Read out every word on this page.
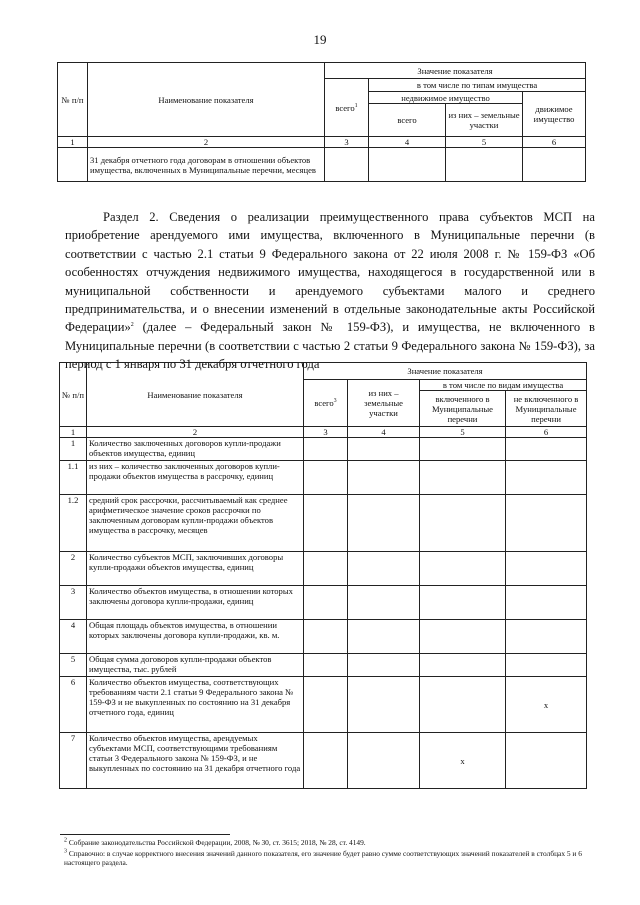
19
№ п/п	Наименование показателя	Значение показателя			
		всего$^1$	в том числе по типам имущества		
			недвижимое имущество		движимое имущество
			всего	из них – земельные участки	
1	2	3	4	5	6
	31 декабря отчетного года договорам в отношении объектов имущества, включенных в Муниципальные перечни, месяцев				

Раздел 2. Сведения о реализации преимущественного права субъектов МСП на приобретение арендуемого ими имущества, включенного в Муниципальные перечни (в соответствии с частью 2.1 статьи 9 Федерального закона от 22 июля 2008 г. № 159-ФЗ «Об особенностях отчуждения недвижимого имущества, находящегося в государственной или в муниципальной собственности и арендуемого субъектами малого и среднего предпринимательства, и о внесении изменений в отдельные законодательные акты Российской Федерации»$^2$ (далее – Федеральный закон № 159-ФЗ), и имущества, не включенного в Муниципальные перечни (в соответствии с частью 2 статьи 9 Федерального закона № 159-ФЗ), за период с 1 января по 31 декабря отчетного года

№ п/п	Наименование показателя	Значение показателя			
		всего$^3$	из них – земельные участки	в том числе по видам имущества	
				включенного в Муниципальные перечни	не включенного в Муниципальные перечни
1	2	3	4	5	6
1	Количество заключенных договоров купли-продажи объектов имущества, единиц				
1.1	из них – количество заключенных договоров купли-продажи объектов имущества в рассрочку, единиц				
1.2	средний срок рассрочки, рассчитываемый как среднее арифметическое значение сроков рассрочки по заключенным договорам купли-продажи объектов имущества в рассрочку, месяцев				
2	Количество субъектов МСП, заключивших договоры купли-продажи объектов имущества, единиц				
3	Количество объектов имущества, в отношении которых заключены договора купли-продажи, единиц				
4	Общая площадь объектов имущества, в отношении которых заключены договора купли-продажи, кв. м.				
5	Общая сумма договоров купли-продажи объектов имущества, тыс. рублей				
6	Количество объектов имущества, соответствующих требованиям части 2.1 статьи 9 Федерального закона № 159-ФЗ и не выкупленных по состоянию на 31 декабря отчетного года, единиц				х
7	Количество объектов имущества, арендуемых субъектами МСП, соответствующими требованиям статьи 3 Федерального закона № 159-ФЗ, и не выкупленных по состоянию на 31 декабря отчетного года			х	

$^2$ Собрание законодательства Российской Федерации, 2008, № 30, ст. 3615; 2018, № 28, ст. 4149.

$^3$ Справочно: в случае корректного внесения значений данного показателя, его значение будет равно сумме соответствующих значений показателей в столбцах 5 и 6 настоящего раздела.
